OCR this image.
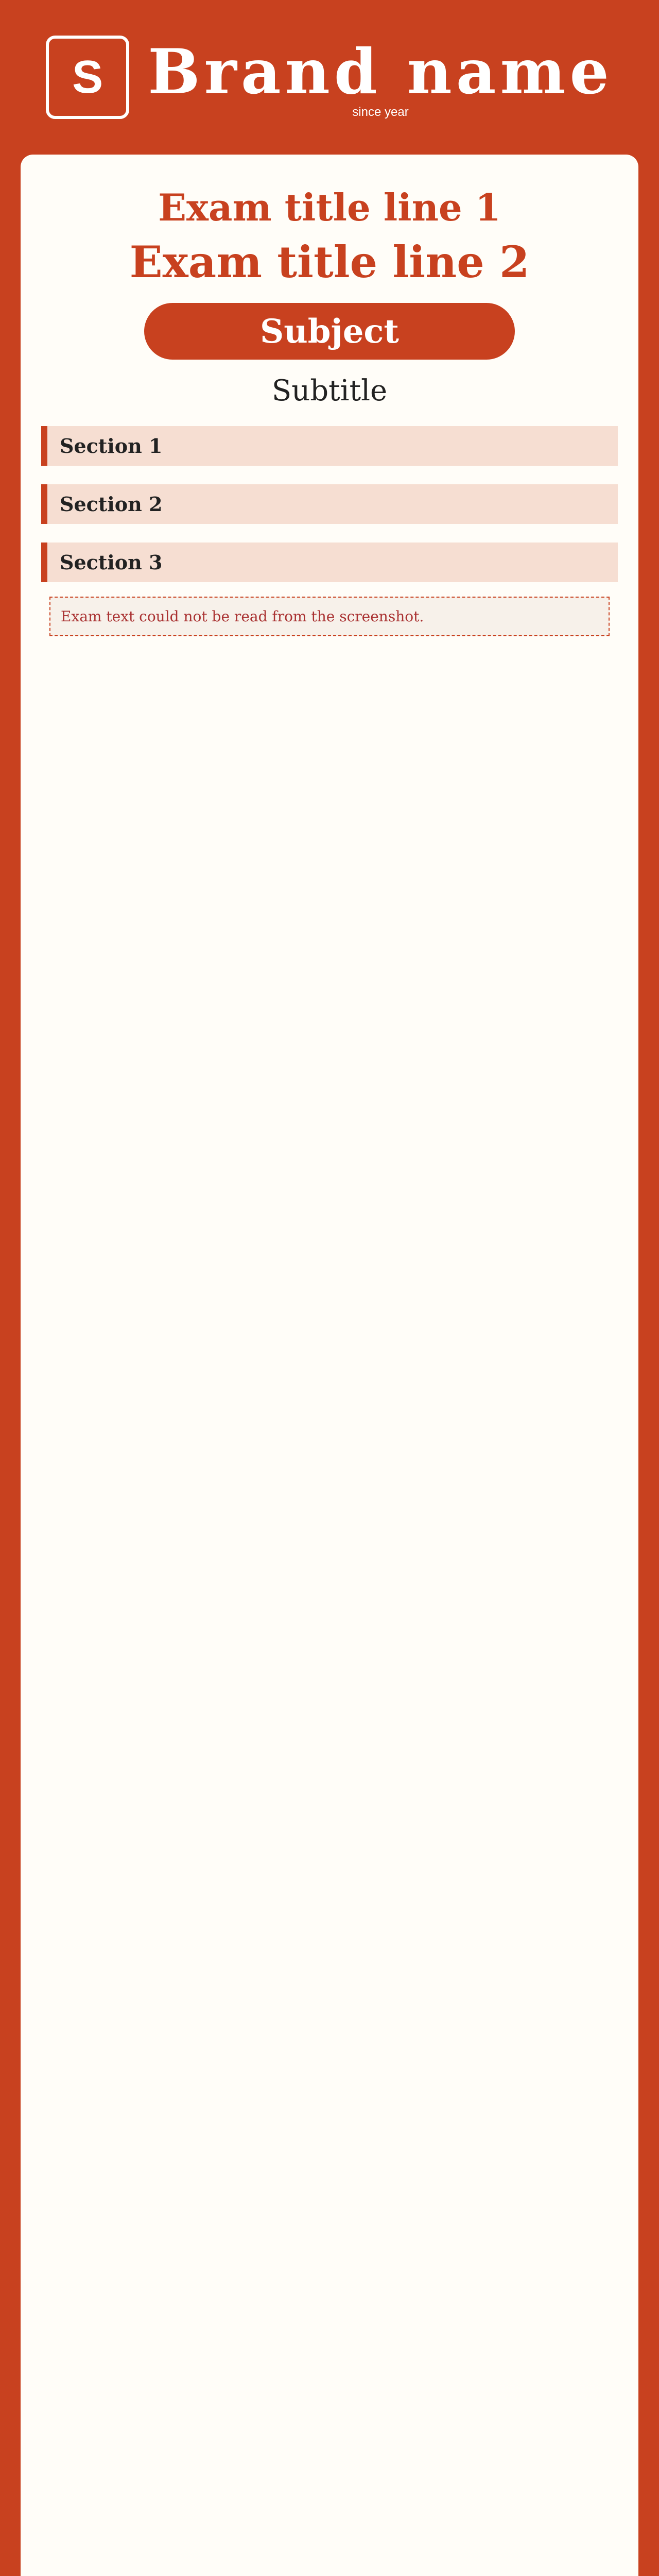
S Brand name
since year
Exam title line 1
Exam title line 2
Subject
Subtitle
Section 1
Section 2
Section 3
Exam text could not be read from the screenshot.
